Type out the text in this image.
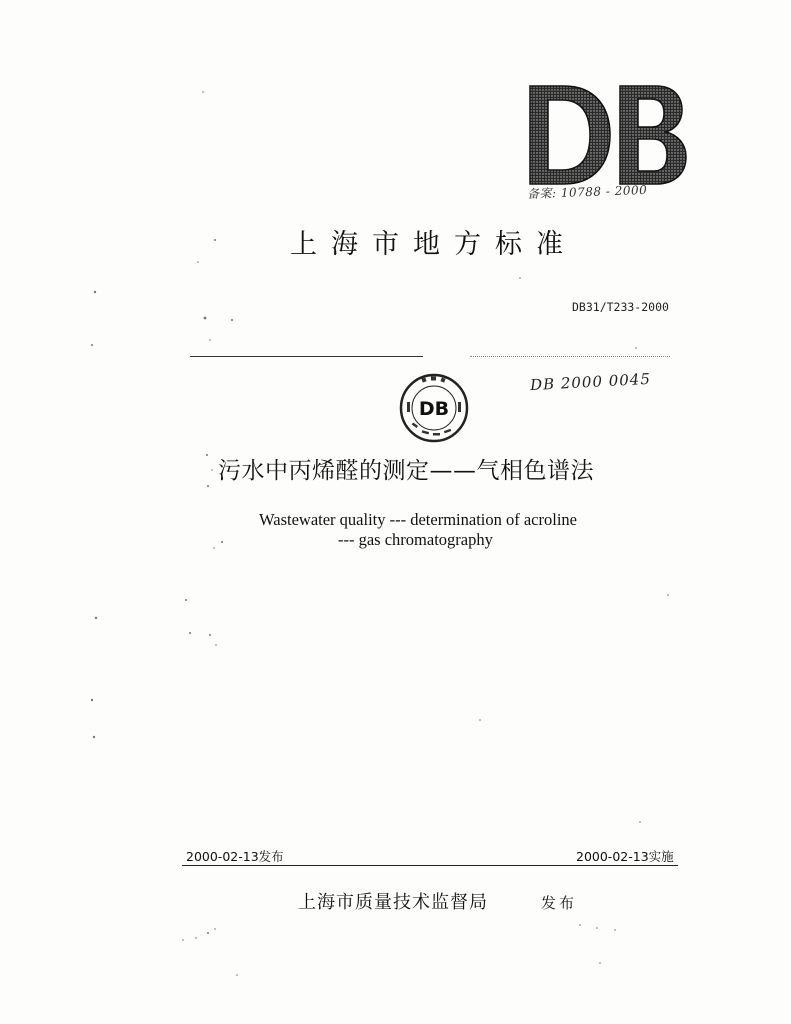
备案: 10788 - 2000
上海市地方标准
DB31/T233-2000
DB
DB 2000 0045
污水中丙烯醛的测定——气相色谱法
Wastewater quality --- determination of acroline
--- gas chromatography
2000-02-13发布	2000-02-13实施
上海市质量技术监督局	发布
